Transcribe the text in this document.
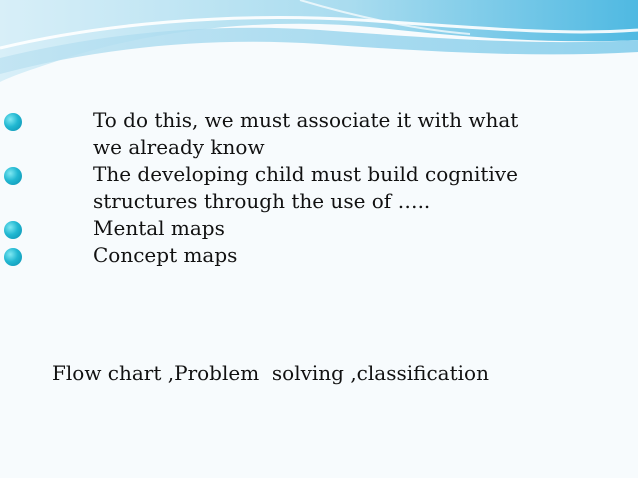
To do this, we must associate it with what we already know
The developing child must build cognitive structures through the use of …..
Mental maps
Concept maps
Flow chart ,Problem  solving ,classification
